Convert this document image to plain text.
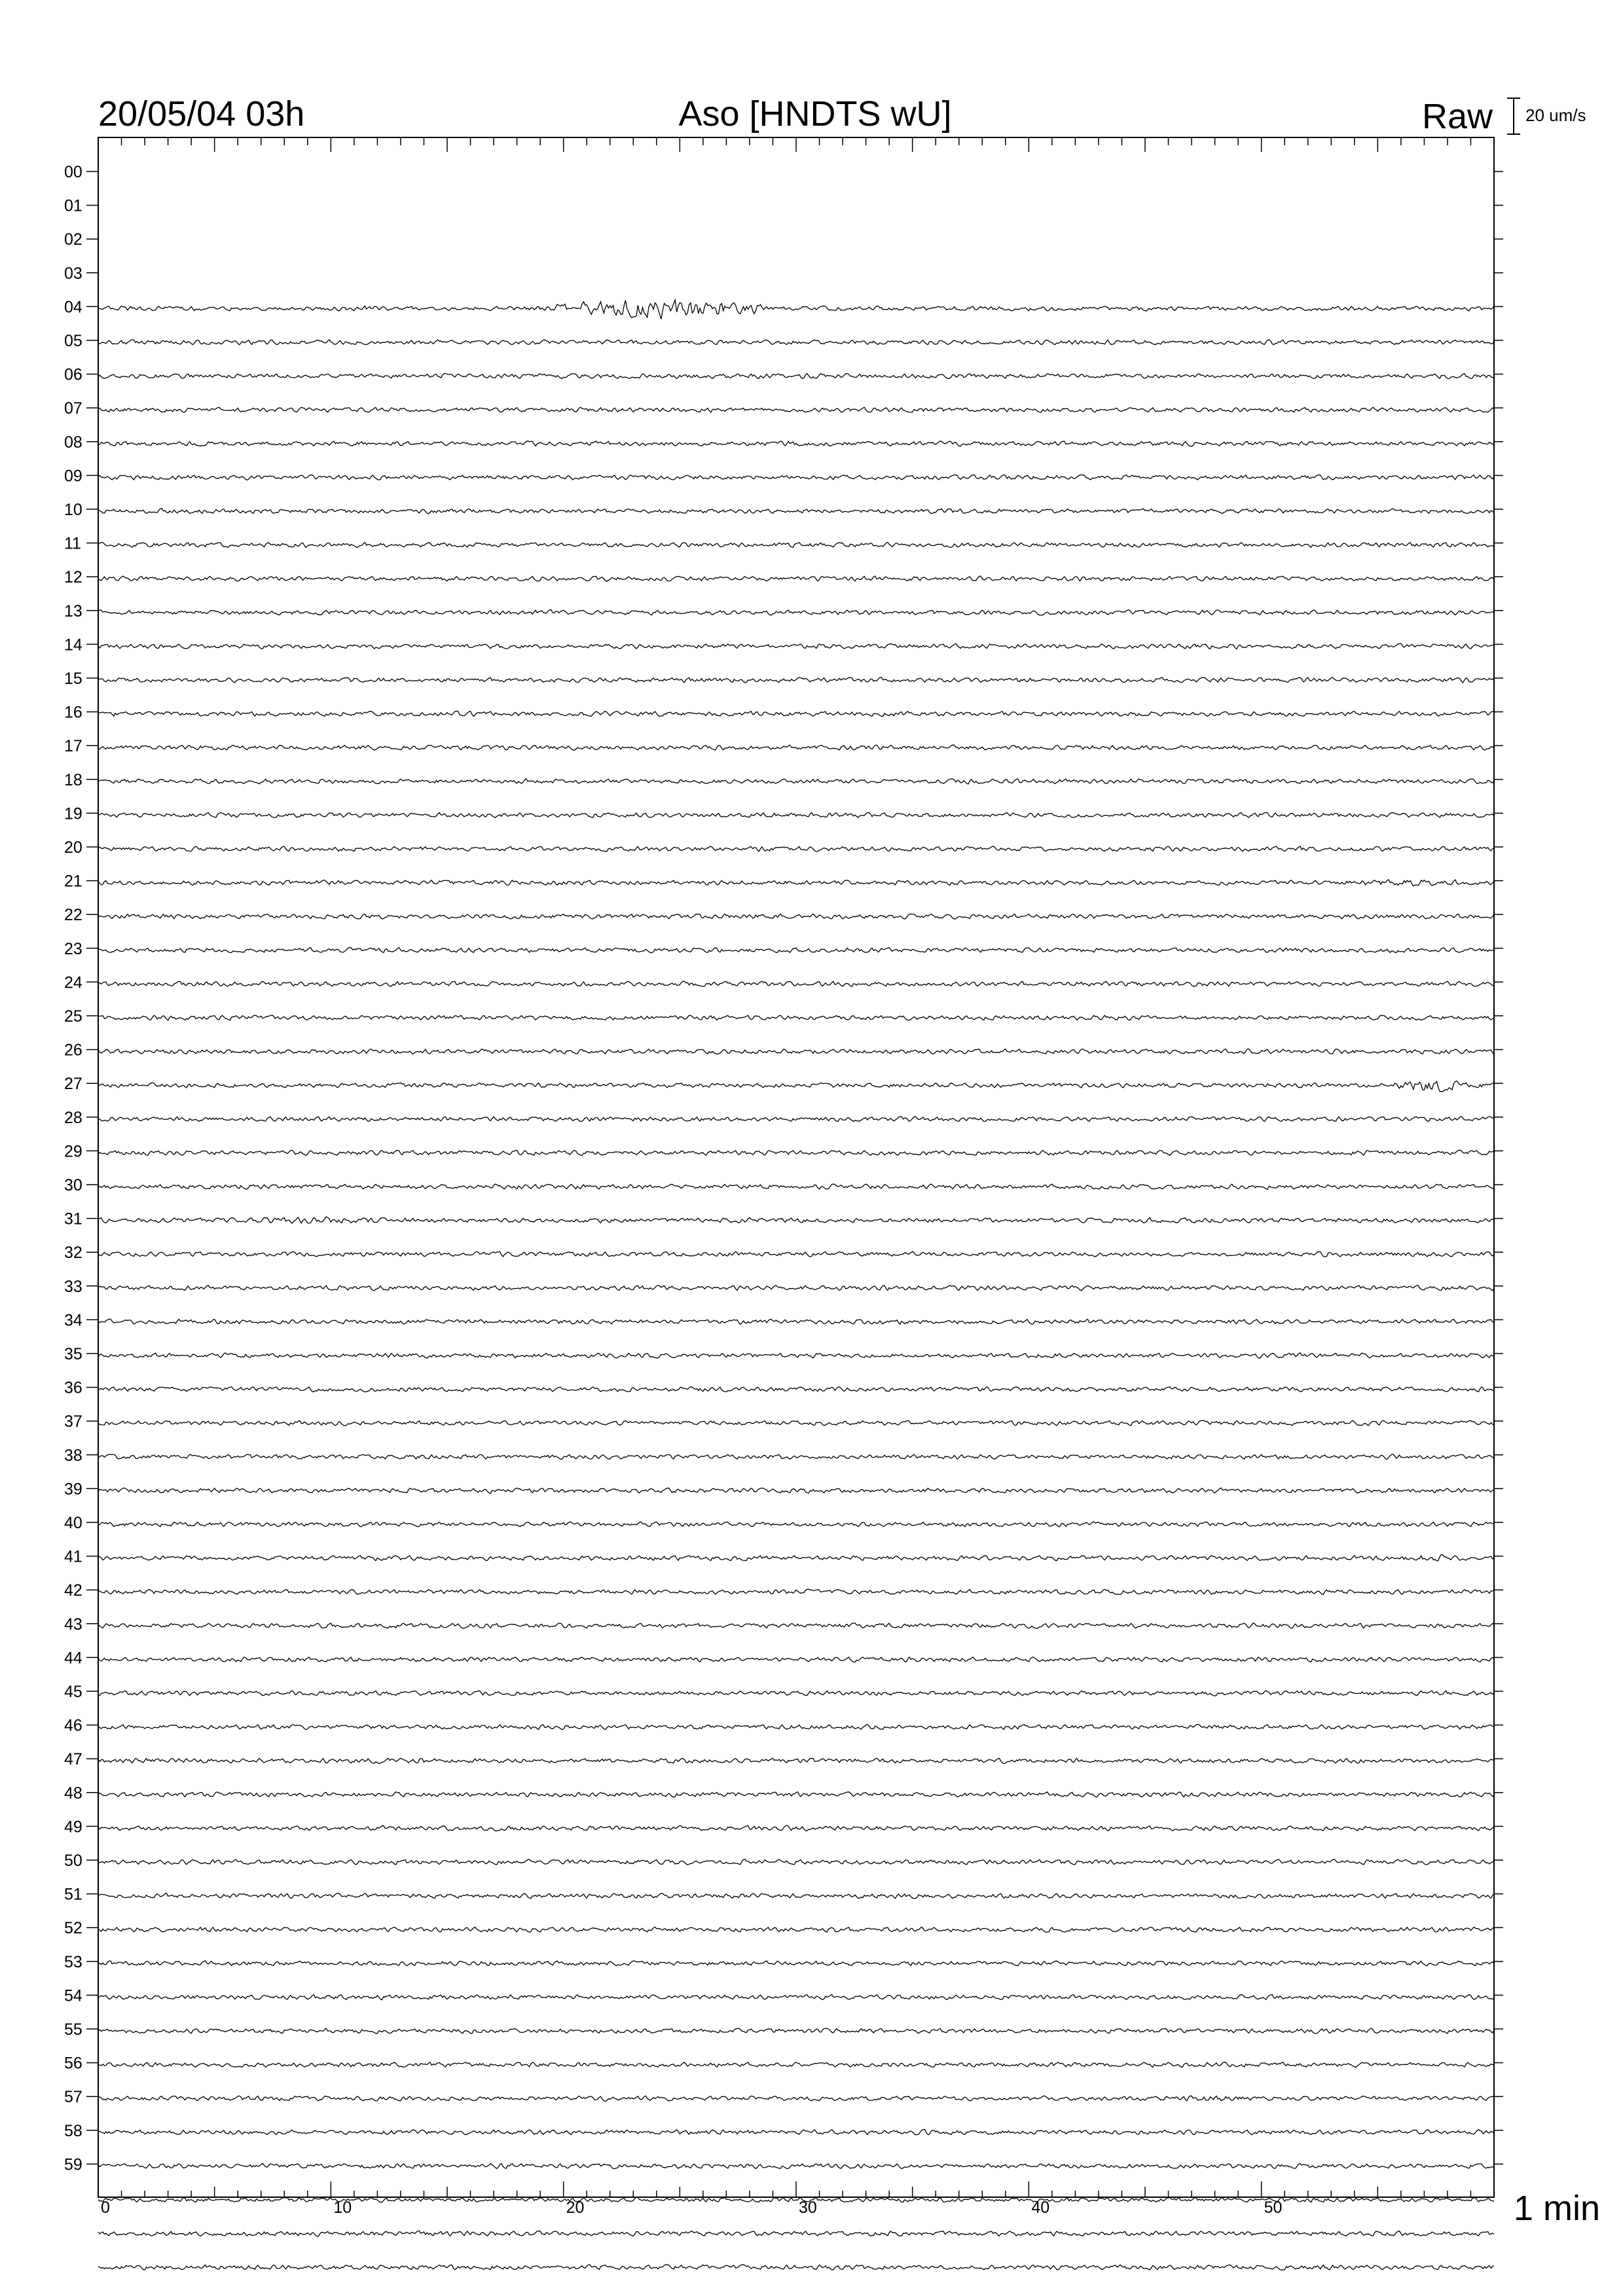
20/05/04 03h	Aso [HNDTS wU]	Raw 20 um/s
00
01
02
03
04
05
06
07
08
09
10
11
12
13
14
15
16
17
18
19
20
21
22
23
24
25
26
27
28
29
30
31
32
33
34
35
36
37
38
39
40
41
42
43
44
45
46
47
48
49
50
51
52
53
54
55
56
57
58
59
0	10	20	30	40	50	1 min
